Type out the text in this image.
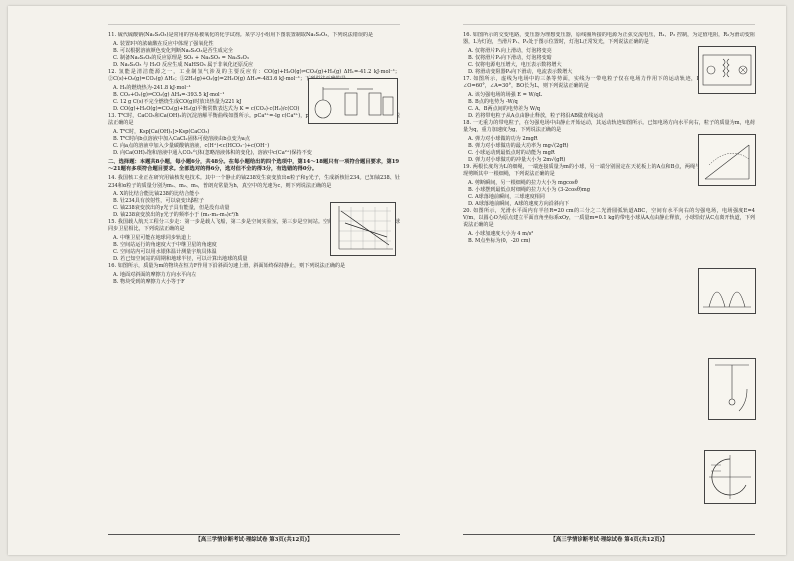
11. 硫代硫酸钠(Na₂S₂O₃)是常用的容易被氧化的化学试剂。某学习小组用下图装置制取Na₂S₂O₃，下列说法错误的是
A. 装置Ⅰ中的浓硫酸在反应中体现了强氧化性
B. 可以根据溶液颜色变化判断Na₂S₂O₃是否生成完全
C. 制备Na₂S₂O₃的反应原理是 SO₂ + Na₂SO₃ = Na₂S₂O₃
D. Na₂S₂O₃ 与 H₂O 反应生成 NaHSO₃ 属于非氧化还原反应
12. 氢能是清洁能源之一，工业制氢气涉及的主要反应有：CO(g)+H₂O(g)⇌CO₂(g)+H₂(g) ΔH₁=-41.2 kJ·mol⁻¹；②C(s)+O₂(g)=CO₂(g) ΔH₂；③2H₂(g)+O₂(g)=2H₂O(g) ΔH₃=-483.6 kJ·mol⁻¹；下列说法正确的是
A. H₂的燃烧热为-241.8 kJ·mol⁻¹
B. CO₂+O₂(g)⇌CO₂(g) ΔH₄=-393.5 kJ·mol⁻¹
C. 12 g C(s)不完全燃烧生成CO(g)时放出热量为221 kJ
D. CO(g)+H₂O(g)=CO₂(g)+H₂(g)平衡常数表达式为 K = c(CO₂)·c(H₂)/c(CO)
13. T℃时，CaCO₃和Ca(OH)₂的沉淀溶解平衡曲线如图所示。pCa²⁺=-lg c(Ca²⁺)，pN=-lg c(CO₃²⁻)或-lg c(OH⁻)，下列说法正确的是
A. T℃时，Ksp[Ca(OH)₂]>Ksp(CaCO₃)
B. T℃时向b点溶液中加入CaCl₂固体可使溶液由b点变为a点
C. 向a点的溶液中加入少量碳酸钠溶液，c(H⁺)<c(HCO₃⁻)+c(OH⁻)
D. 向Ca(OH)₂饱和溶液中通入CO₂气体(忽略溶液体积的变化)，溶液中c(Ca²⁺)保持不变
二、选择题：本题共8小题，每小题6分，共48分。在每小题给出的四个选项中，第14～18题只有一项符合题目要求，第19～21题有多项符合题目要求。全部选对的得6分，选对但不全的得3分，有选错的得0分。
14. 我国核工业正在研究用铀核发电技术。其中一个静止的铀238发生衰变放出α粒子和γ光子，生成新核钍234。已知铀238、钍234和α粒子的质量分别为m₁、m₂、m₃，普朗克常量为h，真空中的光速为c，则下列说法正确的是
A. X的比结合能比铀238的比结合能小
B. 钍234具有放射性，可以衰变出β粒子
C. 铀238衰变放出的γ光子具有能量，但是没有动量
D. 铀238衰变放出的γ光子的频率小于 (m₁-m₂-m₃)c²/h
15. 我国载人航天工程分三步走：第一步是载人飞船，第二步是空间实验室，第三步是空间站。空间站运行在近地轨道上，与地球同步卫星相比，下列说法正确的是
A. 中继卫星可能在地球同步轨道上
B. 空间站运行的角速度大于中继卫星的角速度
C. 空间站内可以用水银体温计测量宇航员体温
D. 若已知空间站的周期和地球半径，可以计算出地球的质量
16. 如图所示，质量为m的物块在恒力F作用下沿斜面匀速上滑，斜面始终保持静止，则下列说法正确的是
A. 地面对斜面的摩擦力方向水平向左
B. 物块受到的摩擦力大小等于F
16. 如图所示的交变电路，变压器为理想变压器，原线圈所接的电源为正弦交流电压，R₁、P₂ 控制，为定值电阻，R₂为滑动变阻器，L为灯泡，当滑片P₁、P₂处于图示位置时，灯泡L正常发光，下列说法正确的是
A. 仅将滑片P₁向上滑动，灯泡将变亮
B. 仅将滑片P₂向下滑动，灯泡将变暗
C. 仅将电源电压增大，电压表示数将增大
D. 将滑动变阻器P₂向下滑动，电流表示数增大
17. 如图所示，虚线为电场中的三条等势面，实线为一带电粒子仅在电场力作用下的运动轨迹，P、Q为轨迹上的两点，∠O=60°，∠A=30°，BO长为L，则下列说法正确的是
A. 该匀强电场的场强 E = W/qL
B. B点的电势为 -W/q
C. A、B两点间的电势差为 W/q
D. 若将带电粒子从A点由静止释放，粒子将沿AB做直线运动
18. 一无重力的带电粒子，在匀强电场中由静止开始运动，其运动轨迹如图所示。已知电场方向水平向右，粒子的质量为m，电荷量为q，重力加速度为g，下列说法正确的是
A. 弹力对小球做的功为 2mgR
B. 弹力对小球做功的最大功率为 mg√(2gR)
C. 小球运动到最低点时的动能为 mgR
D. 弹力对小球做功的冲量大小为 2m√(gR)
19. 两根长度均为L的细绳，一端连接质量为m的小球，另一端分别固定在天花板上的A点和B点，两绳与竖直方向的夹角均为θ，现剪断其中一根细绳，下列说法正确的是
A. 剪断瞬间，另一根细绳的拉力大小为 mgcosθ
B. 小球摆到最低点时细绳的拉力大小为 (3-2cosθ)mg
C. A球落地前瞬间，三球速度相同
D. A球落地前瞬间，A球的速度方向沿斜向下
20. 如图所示，光滑水平面内有半径R=20 cm的三分之二光滑圆弧轨道ABC，空间有水平向右的匀强电场，电场强度E=4 V/m，以圆心O为原点建立平面直角坐标系xOy，一质量m=0.1 kg的带电小球从A点由静止释放，小球恰好从C点离开轨道，下列说法正确的是
A. 小球加速度大小为 4 m/s²
B. M点坐标为(0，-20 cm)
【高三学情诊断考试·理综试卷 第3页(共12页)】	【高三学情诊断考试·理综试卷 第4页(共12页)】
